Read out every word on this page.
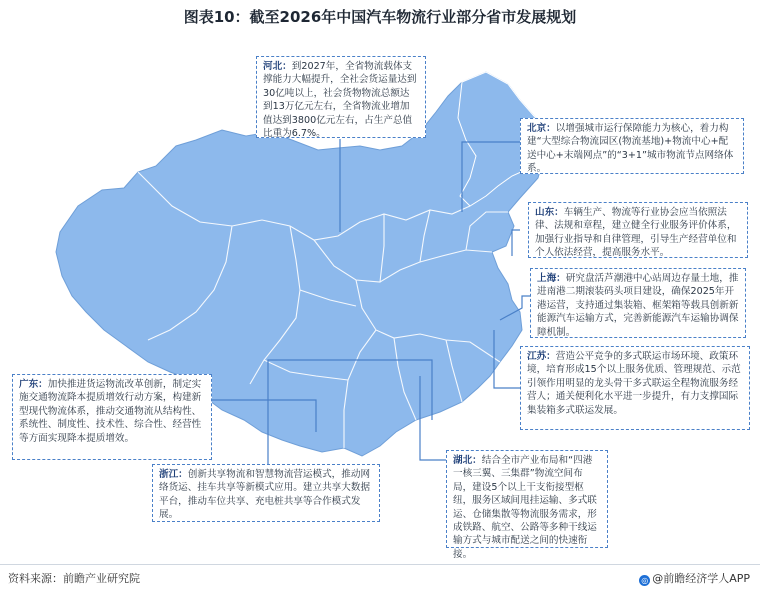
图表10：截至2026年中国汽车物流行业部分省市发展规划
河北：到2027年，全省物流载体支撑能力大幅提升，全社会货运量达到30亿吨以上，社会货物物流总额达到13万亿元左右，全省物流业增加值达到3800亿元左右，占生产总值比重为6.7%。	北京：以增强城市运行保障能力为核心，着力构建“大型综合物流园区(物流基地)+物流中心+配送中心+末端网点”的“3+1”城市物流节点网络体系。
山东：车辆生产、物流等行业协会应当依照法律、法规和章程，建立健全行业服务评价体系，加强行业指导和自律管理，引导生产经营单位和个人依法经营，提高服务水平。
上海：研究盘活芦潮港中心站周边存量土地，推进南港二期滚装码头项目建设，确保2025年开港运营，支持通过集装箱、框架箱等载具创新新能源汽车运输方式，完善新能源汽车运输协调保障机制。
江苏：营造公平竞争的多式联运市场环境、政策环境，培育形成15个以上服务优质、管理规范、示范引领作用明显的龙头骨干多式联运全程物流服务经营人；通关便利化水平进一步提升，有力支撑国际集装箱多式联运发展。
广东：加快推进货运物流改革创新，制定实施交通物流降本提质增效行动方案，构建新型现代物流体系，推动交通物流从结构性、系统性、制度性、技术性、综合性、经营性等方面实现降本提质增效。
浙江：创新共享物流和智慧物流营运模式，推动网络货运、挂车共享等新模式应用。建立共享大数据平台，推动车位共享、充电桩共享等合作模式发展。
湖北：结合全市产业布局和“四港一核三翼、三集群”物流空间布局，建设5个以上干支衔接型枢纽，服务区域间甩挂运输、多式联运、仓储集散等物流服务需求，形成铁路、航空、公路等多种干线运输方式与城市配送之间的快速衔接。
资料来源：前瞻产业研究院	◎ @前瞻经济学人APP
